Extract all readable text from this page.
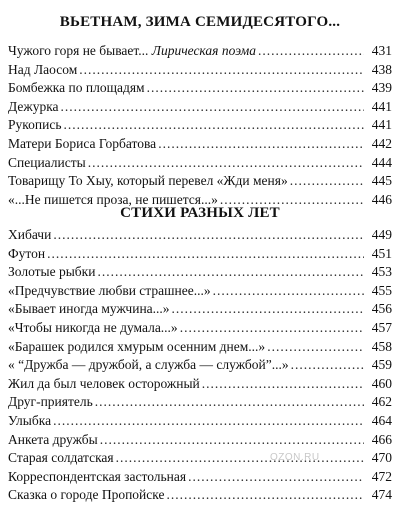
ВЬЕТНАМ, ЗИМА СЕМИДЕСЯТОГО...
Чужого горя не бывает... Лирическая поэма .....	431
Над Лаосом .....	438
Бомбежка по площадям .....	439
Дежурка .....	441
Рукопись .....	441
Матери Бориса Горбатова .....	442
Специалисты .....	444
Товарищу То Хыу, который перевел «Жди меня» .....	445
«...Не пишется проза, не пишется...» .....	446
СТИХИ РАЗНЫХ ЛЕТ
Хибачи .....	449
Футон .....	451
Золотые рыбки .....	453
«Предчувствие любви страшнее...» .....	455
«Бывает иногда мужчина...» .....	456
«Чтобы никогда не думала...» .....	457
«Барашек родился хмурым осенним днем...» .....	458
« “Дружба — дружбой, а служба — службой”...» .....	459
Жил да был человек осторожный .....	460
Друг-приятель .....	462
Улыбка .....	464
Анкета дружбы .....	466
Старая солдатская .....	470
Корреспондентская застольная .....	472
Сказка о городе Пропойске .....	474
OZON.RU
